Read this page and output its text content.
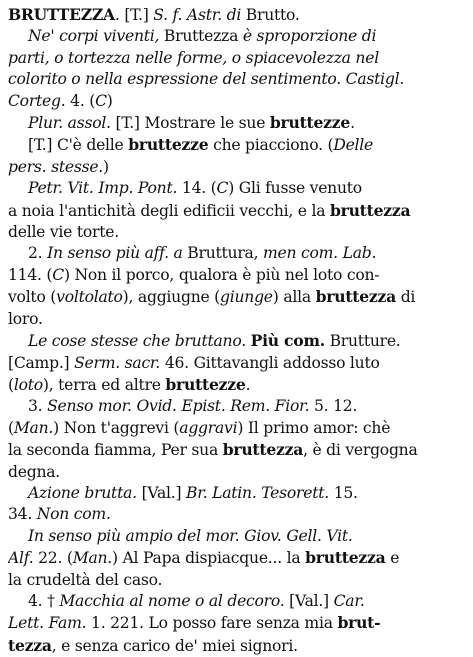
BRUTTEZZA. [T.] S. f. Astr. di Brutto.
Ne' corpi viventi, Bruttezza è sproporzione di
parti, o tortezza nelle forme, o spiacevolezza nel
colorito o nella espressione del sentimento. Castigl.
Corteg. 4. (C)
Plur. assol. [T.] Mostrare le sue bruttezze.
[T.] C'è delle bruttezze che piacciono. (Delle
pers. stesse.)
Petr. Vit. Imp. Pont. 14. (C) Gli fusse venuto
a noia l'antichità degli edificii vecchi, e la bruttezza
delle vie torte.
2. In senso più aff. a Bruttura, men com. Lab.
114. (C) Non il porco, qualora è più nel loto con-
volto (voltolato), aggiugne (giunge) alla bruttezza di
loro.
Le cose stesse che bruttano. Più com. Brutture.
[Camp.] Serm. sacr. 46. Gittavangli addosso luto
(loto), terra ed altre bruttezze.
3. Senso mor. Ovid. Epist. Rem. Fior. 5. 12.
(Man.) Non t'aggrevi (aggravi) Il primo amor: chè
la seconda fiamma, Per sua bruttezza, è di vergogna
degna.
Azione brutta. [Val.] Br. Latin. Tesorett. 15.
34. Non com.
In senso più ampio del mor. Giov. Gell. Vit.
Alf. 22. (Man.) Al Papa dispiacque... la bruttezza e
la crudeltà del caso.
4. † Macchia al nome o al decoro. [Val.] Car.
Lett. Fam. 1. 221. Lo posso fare senza mia brut-
tezza, e senza carico de' miei signori.
